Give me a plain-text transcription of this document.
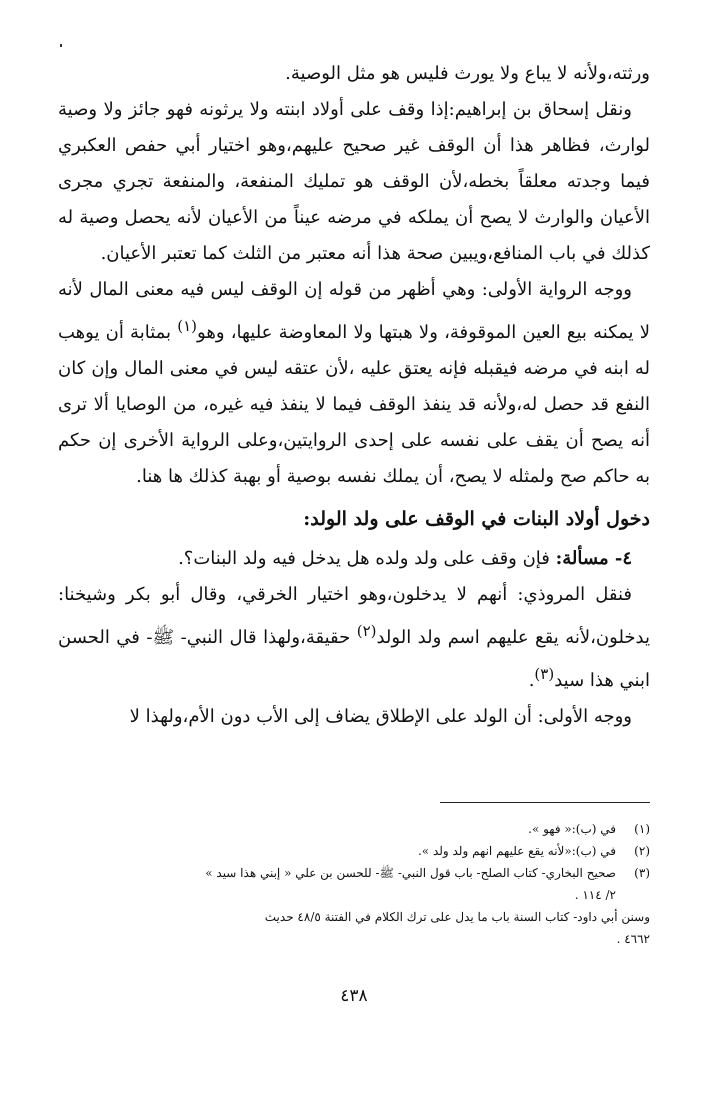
ورثته،ولأنه لا يباع ولا يورث فليس هو مثل الوصية.

ونقل إسحاق بن إبراهيم:إذا وقف على أولاد ابنته ولا يرثونه فهو جائز ولا وصية لوارث، فظاهر هذا أن الوقف غير صحيح عليهم،وهو اختيار أبي حفص العكبري فيما وجدته معلقاً بخطه،لأن الوقف هو تمليك المنفعة، والمنفعة تجري مجرى الأعيان والوارث لا يصح أن يملكه في مرضه عيناً من الأعيان لأنه يحصل وصية له كذلك في باب المنافع،ويبين صحة هذا أنه معتبر من الثلث كما تعتبر الأعيان.

ووجه الرواية الأولى: وهي أظهر من قوله إن الوقف ليس فيه معنى المال لأنه لا يمكنه بيع العين الموقوفة، ولا هبتها ولا المعاوضة عليها، وهو$^{(١)}$ بمثابة أن يوهب له ابنه في مرضه فيقبله فإنه يعتق عليه ،لأن عتقه ليس في معنى المال وإن كان النفع قد حصل له،ولأنه قد ينفذ الوقف فيما لا ينفذ فيه غيره، من الوصايا ألا ترى أنه يصح أن يقف على نفسه على إحدى الروايتين،وعلى الرواية الأخرى إن حكم به حاكم صح ولمثله لا يصح، أن يملك نفسه بوصية أو بهبة كذلك ها هنا.

دخول أولاد البنات في الوقف على ولد الولد:

٤- مسألة: فإن وقف على ولد ولده هل يدخل فيه ولد البنات؟.

فنقل المروذي: أنهم لا يدخلون،وهو اختيار الخرقي، وقال أبو بكر وشيخنا: يدخلون،لأنه يقع عليهم اسم ولد الولد$^{(٢)}$ حقيقة،ولهذا قال النبي- ﷺ- في الحسن ابني هذا سيد$^{(٣)}$.

ووجه الأولى: أن الولد على الإطلاق يضاف إلى الأب دون الأم،ولهذا لا

(١)
في (ب):« فهو ».
(٢)
في (ب):«لأنه يقع عليهم انهم ولد ولد ».
(٣)
صحيح البخاري- كتاب الصلح- باب قول النبي- ﷺ- للحسن بن علي « إبني هذا سيد »
٢/ ١١٤ .
وسنن أبي داود- كتاب السنة باب ما يدل على ترك الكلام في الفتنة ٤٨/٥ حديث
٤٦٦٢ .
٤٣٨
